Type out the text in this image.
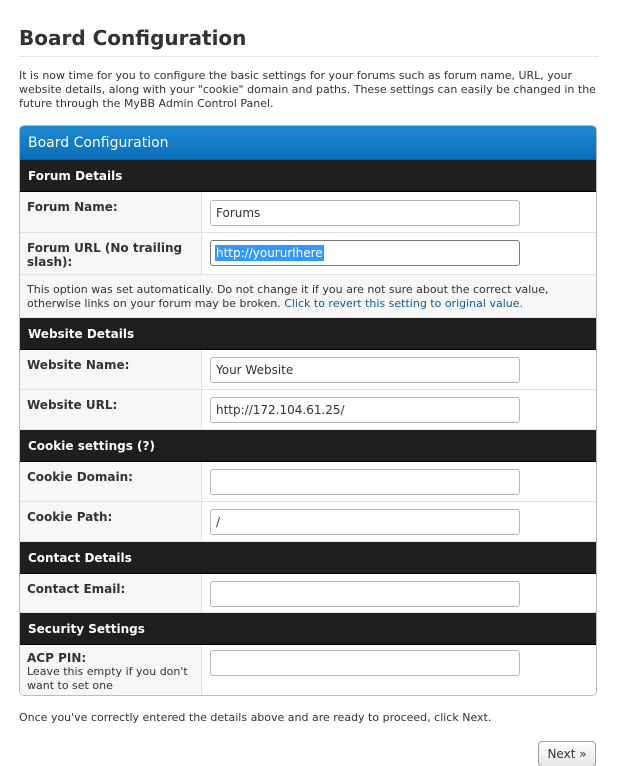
Board Configuration

It is now time for you to configure the basic settings for your forums such as forum name, URL, your website details, along with your "cookie" domain and paths. These settings can easily be changed in the future through the MyBB Admin Control Panel.

Board Configuration
Forum Details
Forum Name:
Forums
Forum URL (No trailing slash):
http://yoururlhere

This option was set automatically. Do not change it if you are not sure about the correct value, otherwise links on your forum may be broken. Click to revert this setting to original value.

Website Details
Website Name:
Your Website
Website URL:
http://172.104.61.25/
Cookie settings (?)
Cookie Domain:
Cookie Path:
/
Contact Details
Contact Email:
Security Settings
ACP PIN:
Leave this empty if you don't want to set one

Once you've correctly entered the details above and are ready to proceed, click Next.

Next »
